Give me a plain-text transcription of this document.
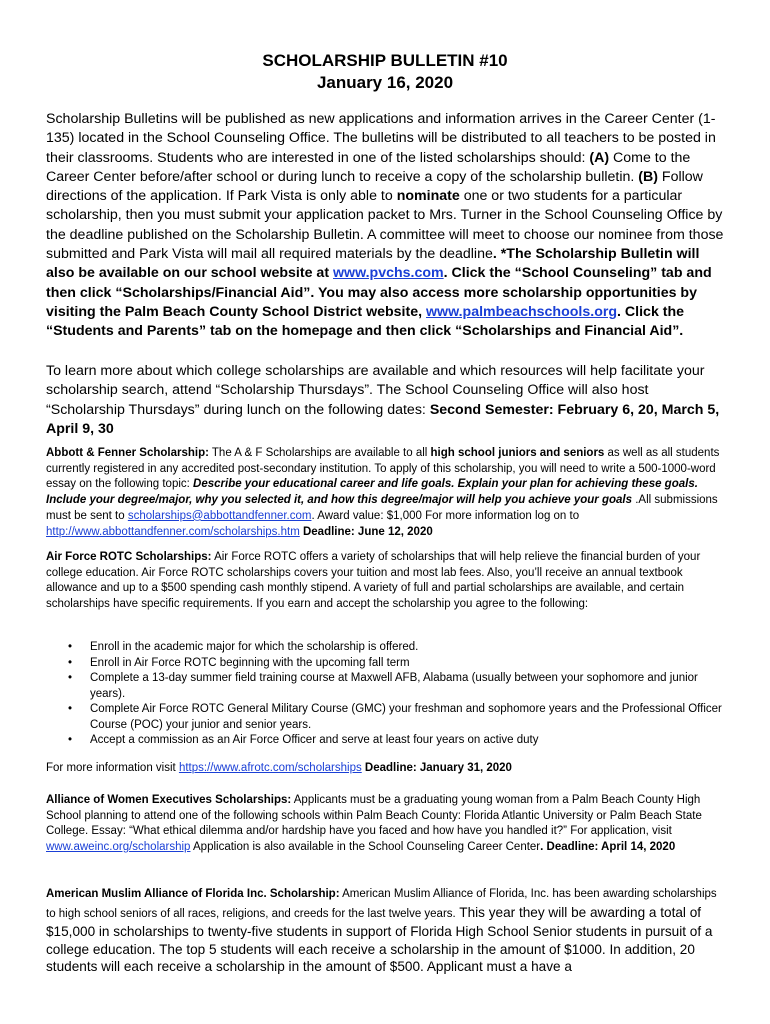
SCHOLARSHIP BULLETIN #10
January 16, 2020
Scholarship Bulletins will be published as new applications and information arrives in the Career Center (1-135) located in the School Counseling Office. The bulletins will be distributed to all teachers to be posted in their classrooms. Students who are interested in one of the listed scholarships should: (A) Come to the Career Center before/after school or during lunch to receive a copy of the scholarship bulletin. (B) Follow directions of the application. If Park Vista is only able to nominate one or two students for a particular scholarship, then you must submit your application packet to Mrs. Turner in the School Counseling Office by the deadline published on the Scholarship Bulletin. A committee will meet to choose our nominee from those submitted and Park Vista will mail all required materials by the deadline. *The Scholarship Bulletin will also be available on our school website at www.pvchs.com. Click the “School Counseling” tab and then click “Scholarships/Financial Aid”. You may also access more scholarship opportunities by visiting the Palm Beach County School District website, www.palmbeachschools.org. Click the “Students and Parents” tab on the homepage and then click “Scholarships and Financial Aid”.
To learn more about which college scholarships are available and which resources will help facilitate your scholarship search, attend “Scholarship Thursdays”. The School Counseling Office will also host “Scholarship Thursdays” during lunch on the following dates: Second Semester: February 6, 20, March 5, April 9, 30
Abbott & Fenner Scholarship: The A & F Scholarships are available to all high school juniors and seniors as well as all students currently registered in any accredited post-secondary institution. To apply of this scholarship, you will need to write a 500-1000-word essay on the following topic: Describe your educational career and life goals. Explain your plan for achieving these goals. Include your degree/major, why you selected it, and how this degree/major will help you achieve your goals .All submissions must be sent to scholarships@abbottandfenner.com. Award value: $1,000 For more information log on to http://www.abbottandfenner.com/scholarships.htm Deadline: June 12, 2020
Air Force ROTC Scholarships: Air Force ROTC offers a variety of scholarships that will help relieve the financial burden of your college education. Air Force ROTC scholarships covers your tuition and most lab fees. Also, you’ll receive an annual textbook allowance and up to a $500 spending cash monthly stipend. A variety of full and partial scholarships are available, and certain scholarships have specific requirements. If you earn and accept the scholarship you agree to the following:
• Enroll in the academic major for which the scholarship is offered.
• Enroll in Air Force ROTC beginning with the upcoming fall term
• Complete a 13-day summer field training course at Maxwell AFB, Alabama (usually between your sophomore and junior years).
• Complete Air Force ROTC General Military Course (GMC) your freshman and sophomore years and the Professional Officer Course (POC) your junior and senior years.
• Accept a commission as an Air Force Officer and serve at least four years on active duty
For more information visit https://www.afrotc.com/scholarships Deadline: January 31, 2020
Alliance of Women Executives Scholarships: Applicants must be a graduating young woman from a Palm Beach County High School planning to attend one of the following schools within Palm Beach County: Florida Atlantic University or Palm Beach State College. Essay: “What ethical dilemma and/or hardship have you faced and how have you handled it?” For application, visit www.aweinc.org/scholarship Application is also available in the School Counseling Career Center. Deadline: April 14, 2020
American Muslim Alliance of Florida Inc. Scholarship: American Muslim Alliance of Florida, Inc. has been awarding scholarships to high school seniors of all races, religions, and creeds for the last twelve years. This year they will be awarding a total of $15,000 in scholarships to twenty-five students in support of Florida High School Senior students in pursuit of a college education. The top 5 students will each receive a scholarship in the amount of $1000. In addition, 20 students will each receive a scholarship in the amount of $500. Applicant must a have a
